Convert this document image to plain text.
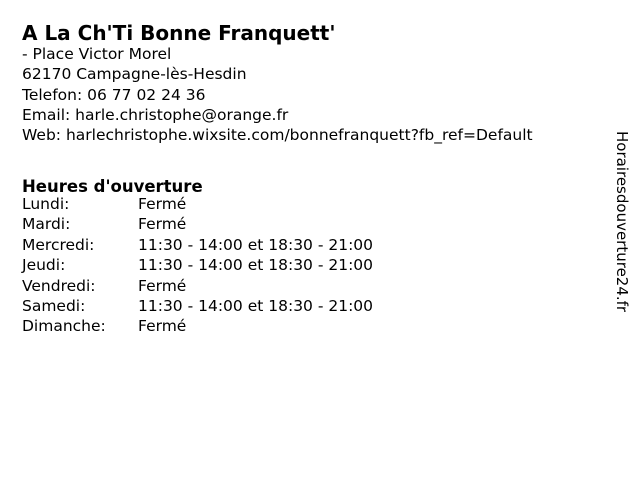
A La Ch'Ti Bonne Franquett'
- Place Victor Morel
62170 Campagne-lès-Hesdin
Telefon: 06 77 02 24 36
Email: harle.christophe@orange.fr
Web: harlechristophe.wixsite.com/bonnefranquett?fb_ref=Default
Heures d'ouverture
Lundi:	Fermé
Mardi:	Fermé
Mercredi:	11:30 - 14:00 et 18:30 - 21:00
Jeudi:	11:30 - 14:00 et 18:30 - 21:00
Vendredi:	Fermé
Samedi:	11:30 - 14:00 et 18:30 - 21:00
Dimanche:	Fermé
Horairesdouverture24.fr
